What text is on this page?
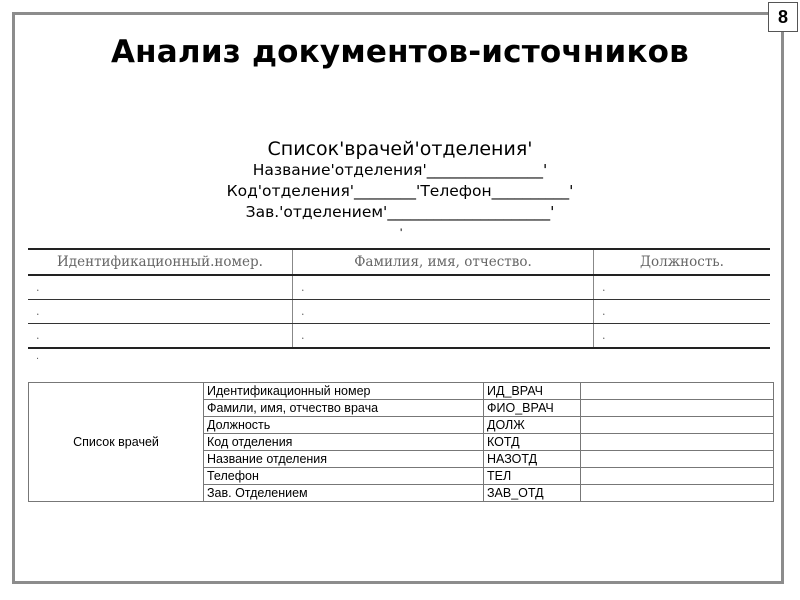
8
Анализ документов-источников
Список'врачей'отделения'
Название'отделения'_______________'
Код'отделения'________'Телефон__________'
Зав.'отделением'_____________________'
'
Идентификационный.номер.	Фамилия, имя, отчество.	Должность.
.	.	.
.	.	.
.	.	.
.
Список врачей	Идентификационный номер	ИД_ВРАЧ	
	Фамили, имя, отчество врача	ФИО_ВРАЧ	
	Должность	ДОЛЖ	
	Код отделения	КОТД	
	Название отделения	НАЗОТД	
	Телефон	ТЕЛ	
	Зав. Отделением	ЗАВ_ОТД	
